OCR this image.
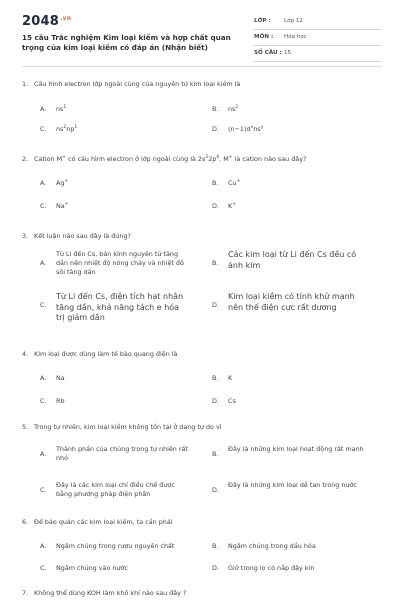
$2048^{.vn}$
15 câu Trắc nghiệm Kim loại kiềm và hợp chất quan trọng của kim loại kiềm có đáp án (Nhận biết)
LỚP : Lớp 12
MÔN : Hóa học
SỐ CÂU : 15
1. Cấu hình electron lớp ngoài cùng của nguyên tử kim loại kiềm là
A.	$ns^1$	B.	$ns^2$
C.	$ns^2np^1$	D.	$(n-1)d^xns^y$
2. Cation M+ có cấu hình electron ở lớp ngoài cùng là $2s^22p^6$. M+ là cation nào sau đây?
A.	Ag+	B.	Cu+
C.	Na+	D.	K+
3. Kết luận nào sau đây là đúng?
A.
Từ Li đến Cs, bán kính nguyên tử tăng dần nên nhiệt độ nóng chảy và nhiệt độ sôi tăng dần
B.
Các kim loại từ Li đến Cs đều có ánh kim
C.
Từ Li đến Cs, điện tích hạt nhân tăng dần, khả năng tách e hóa trị giảm dần
D.
Kim loại kiềm có tính khử mạnh nên thế điện cực rất dương
4. Kim loại được dùng làm tế bào quang điện là
A.	Na	B.	K
C.	Rb	D.	Cs
5. Trong tự nhiên, kim loại kiềm không tồn tại ở dạng tự do vì
A.
Thành phần của chúng trong tự nhiên rất nhỏ
B.
Đây là những kim loại hoạt động rất mạnh
C.
Đây là các kim loại chỉ điều chế được bằng phương pháp điện phân
D.
Đây là những kim loại dễ tan trong nước
6. Để bảo quản các kim loại kiềm, ta cần phải
A.	Ngâm chúng trong rượu nguyên chất	B.	Ngâm chúng trong dầu hỏa
C.	Ngâm chúng vào nước	D.	Giữ trong lọ có nắp đậy kín
7. Không thể dùng KOH làm khô khí nào sau đây ?
